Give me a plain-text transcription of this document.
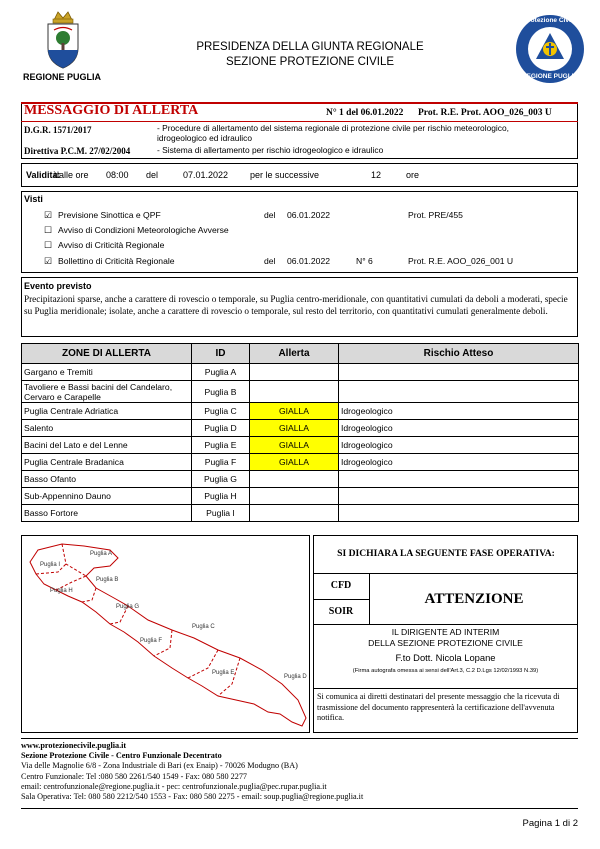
REGIONE PUGLIA
PRESIDENZA DELLA GIUNTA REGIONALE
SEZIONE PROTEZIONE CIVILE
Protezione Civile
REGIONE PUGLIA
MESSAGGIO DI ALLERTA	N° 1 del 06.01.2022 Prot. R.E. Prot. AOO_026_003 U
D.G.R. 1571/2017	- Procedure di allertamento del sistema regionale di protezione civile per rischio meteorologico,
idrogeologico ed idraulico
Direttiva P.C.M. 27/02/2004	- Sistema di allertamento per rischio idrogeologico e idraulico
Validità:
dalle ore 08:00 del	07.01.2022 per le successive	12	ore
Visti
☑ Previsione Sinottica e QPF	del 06.01.2022	Prot. PRE/455
☐ Avviso di Condizioni Meteorologiche Avverse
☐ Avviso di Criticità Regionale
☑ Bollettino di Criticità Regionale	del 06.01.2022	N° 6	Prot. R.E. AOO_026_001 U
Evento previsto
Precipitazioni sparse, anche a carattere di rovescio o temporale, su Puglia centro-meridionale, con quantitativi cumulati da deboli a moderati, specie su Puglia meridionale; isolate, anche a carattere di rovescio o temporale, sul resto del territorio, con quantitativi cumulati generalmente deboli.
ZONE DI ALLERTA	ID	Allerta	Rischio Atteso
Gargano e Tremiti	Puglia A		
Tavoliere e Bassi bacini del Candelaro, Cervaro e Carapelle	Puglia B		
Puglia Centrale Adriatica	Puglia C	GIALLA	Idrogeologico
Salento	Puglia D	GIALLA	Idrogeologico
Bacini del Lato e del Lenne	Puglia E	GIALLA	Idrogeologico
Puglia Centrale Bradanica	Puglia F	GIALLA	Idrogeologico
Basso Ofanto	Puglia G		
Sub-Appennino Dauno	Puglia H		
Basso Fortore	Puglia I		
Puglia A
Puglia I
Puglia H
Puglia B
Puglia G
Puglia C
Puglia F
Puglia E
Puglia D
SI DICHIARA LA SEGUENTE FASE OPERATIVA:
CFD
SOIR
ATTENZIONE
IL DIRIGENTE AD INTERIM
DELLA SEZIONE PROTEZIONE CIVILE
F.to Dott. Nicola Lopane
(Firma autografa omessa ai sensi dell'Art.3, C.2 D.Lgs 12/02/1993 N.39)
Si comunica ai diretti destinatari del presente messaggio che la ricevuta di trasmissione del documento rappresenterà la certificazione dell'avvenuta notifica.
www.protezionecivile.puglia.it
Sezione Protezione Civile - Centro Funzionale Decentrato
Via delle Magnolie 6/8 - Zona Industriale di Bari (ex Enaip) - 70026 Modugno (BA)
Centro Funzionale: Tel :080 580 2261/540 1549 - Fax: 080 580 2277
email: centrofunzionale@regione.puglia.it - pec: centrofunzionale.puglia@pec.rupar.puglia.it
Sala Operativa: Tel: 080 580 2212/540 1553 - Fax: 080 580 2275 - email: soup.puglia@regione.puglia.it
Pagina 1 di 2
